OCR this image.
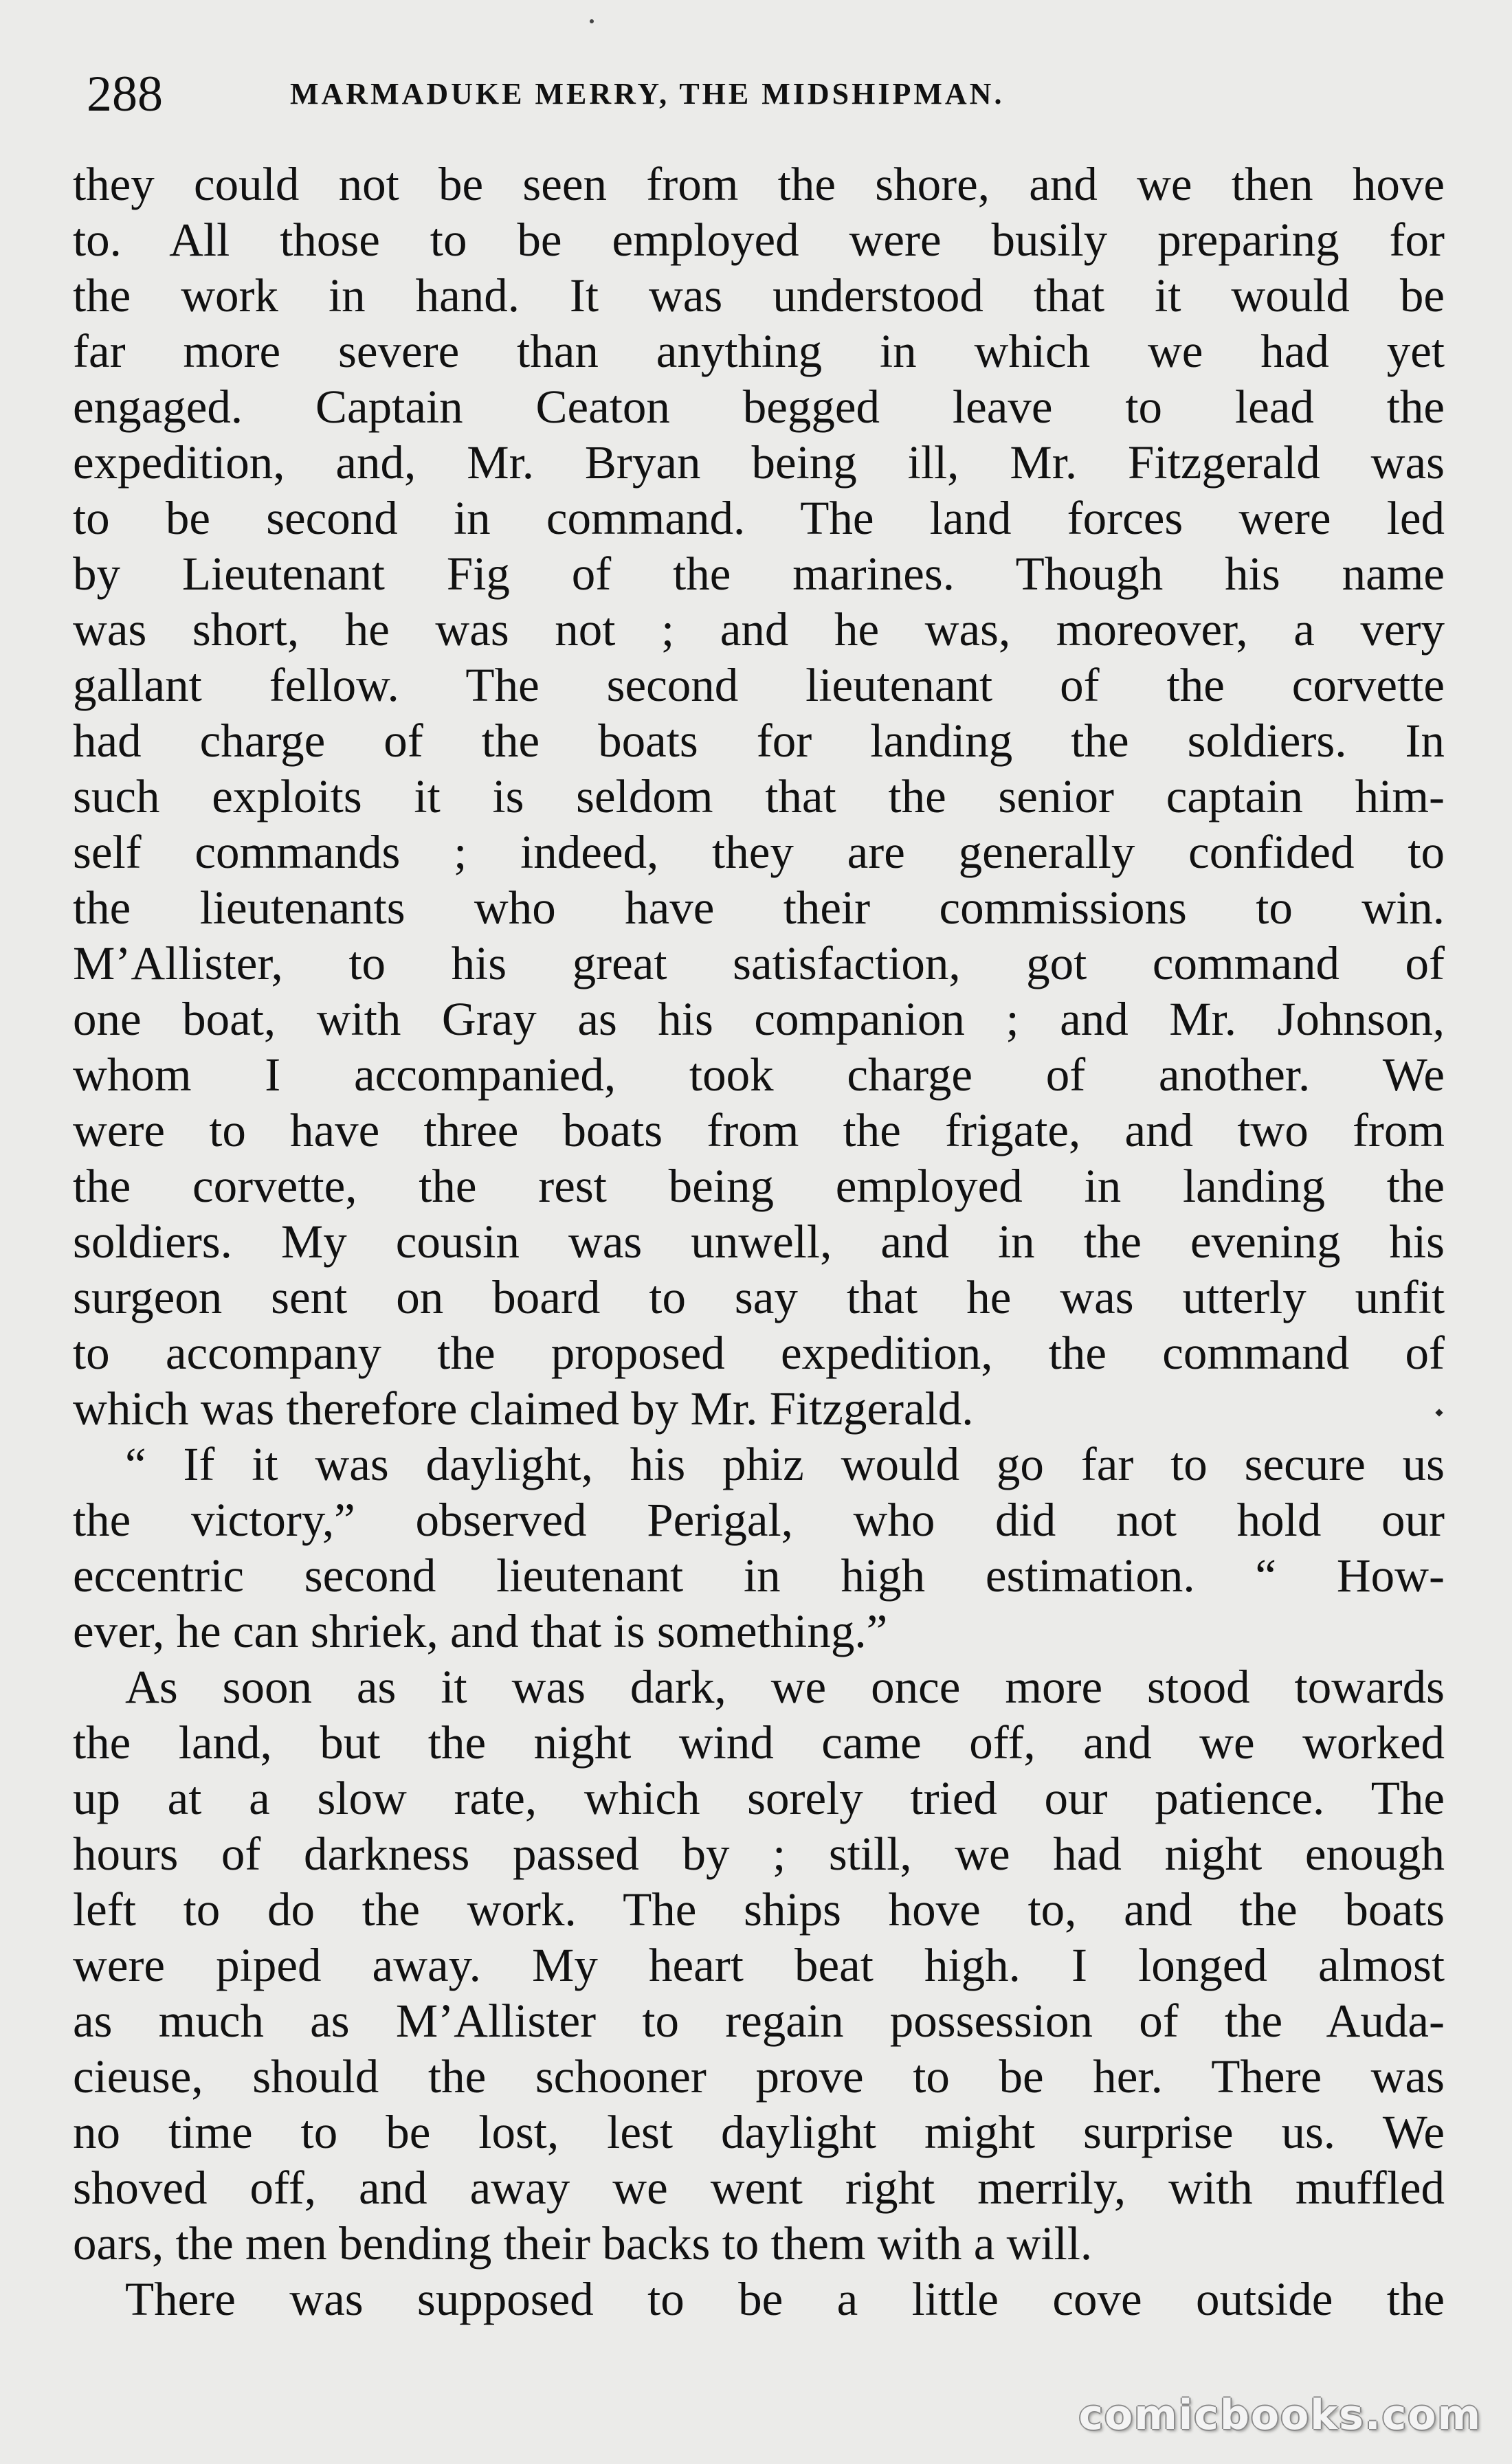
288	MARMADUKE MERRY, THE MIDSHIPMAN.
they could not be seen from the shore, and we then hove
to. All those to be employed were busily preparing for
the work in hand. It was understood that it would be
far more severe than anything in which we had yet
engaged. Captain Ceaton begged leave to lead the
expedition, and, Mr. Bryan being ill, Mr. Fitzgerald was
to be second in command. The land forces were led
by Lieutenant Fig of the marines. Though his name
was short, he was not ; and he was, moreover, a very
gallant fellow. The second lieutenant of the corvette
had charge of the boats for landing the soldiers. In
such exploits it is seldom that the senior captain him-
self commands ; indeed, they are generally confided to
the lieutenants who have their commissions to win.
M’Allister, to his great satisfaction, got command of
one boat, with Gray as his companion ; and Mr. Johnson,
whom I accompanied, took charge of another. We
were to have three boats from the frigate, and two from
the corvette, the rest being employed in landing the
soldiers. My cousin was unwell, and in the evening his
surgeon sent on board to say that he was utterly unfit
to accompany the proposed expedition, the command of
which was therefore claimed by Mr. Fitzgerald.
“ If it was daylight, his phiz would go far to secure us
the victory,” observed Perigal, who did not hold our
eccentric second lieutenant in high estimation. “ How-
ever, he can shriek, and that is something.”
As soon as it was dark, we once more stood towards
the land, but the night wind came off, and we worked
up at a slow rate, which sorely tried our patience. The
hours of darkness passed by ; still, we had night enough
left to do the work. The ships hove to, and the boats
were piped away. My heart beat high. I longed almost
as much as M’Allister to regain possession of the Auda-
cieuse, should the schooner prove to be her. There was
no time to be lost, lest daylight might surprise us. We
shoved off, and away we went right merrily, with muffled
oars, the men bending their backs to them with a will.
There was supposed to be a little cove outside the
comicbooks.com
